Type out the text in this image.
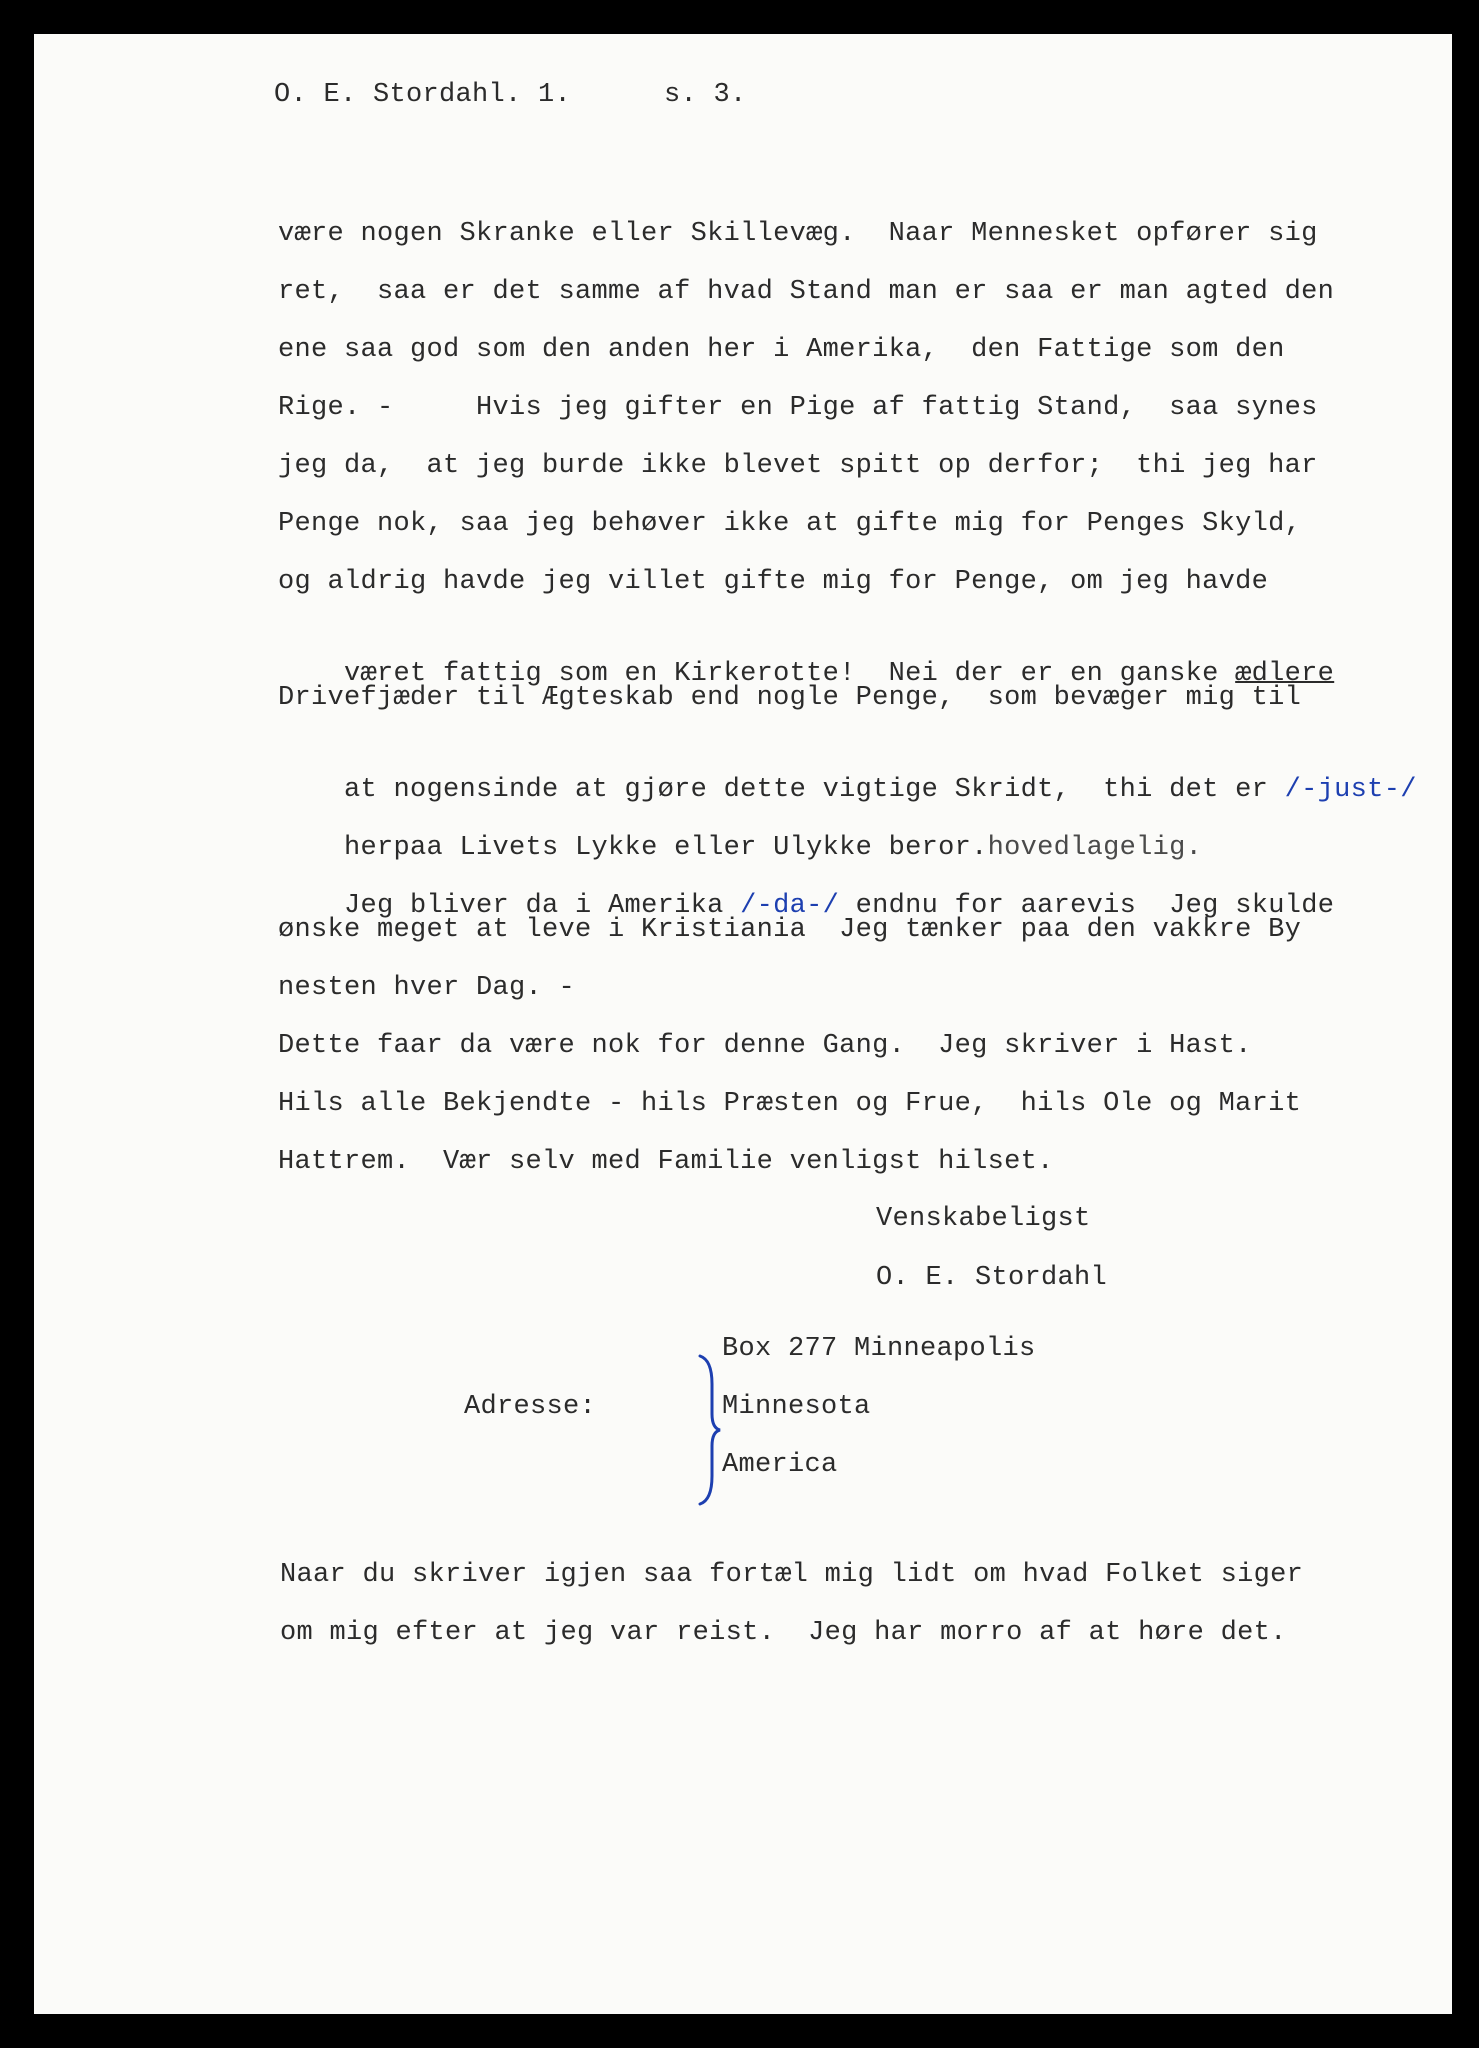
O. E. Stordahl. 1.	s. 3.
være nogen Skranke eller Skillevæg.  Naar Mennesket opfører sig
ret,  saa er det samme af hvad Stand man er saa er man agted den
ene saa god som den anden her i Amerika,  den Fattige som den
Rige. -     Hvis jeg gifter en Pige af fattig Stand,  saa synes
jeg da,  at jeg burde ikke blevet spitt op derfor;  thi jeg har
Penge nok, saa jeg behøver ikke at gifte mig for Penges Skyld,
og aldrig havde jeg villet gifte mig for Penge, om jeg havde

været fattig som en Kirkerotte!  Nei der er en ganske ædlere

Drivefjæder til Ægteskab end nogle Penge,  som bevæger mig til

at nogensinde at gjøre dette vigtige Skridt,  thi det er /-just-/

herpaa Livets Lykke eller Ulykke beror.hovedlagelig.

Jeg bliver da i Amerika /-da-/ endnu for aarevis  Jeg skulde

ønske meget at leve i Kristiania  Jeg tænker paa den vakkre By
nesten hver Dag. -
Dette faar da være nok for denne Gang.  Jeg skriver i Hast.
Hils alle Bekjendte - hils Præsten og Frue,  hils Ole og Marit
Hattrem.  Vær selv med Familie venligst hilset.
Venskabeligst
O. E. Stordahl
Adresse:
Box 277 Minneapolis
Minnesota
America
Naar du skriver igjen saa fortæl mig lidt om hvad Folket siger
om mig efter at jeg var reist.  Jeg har morro af at høre det.
